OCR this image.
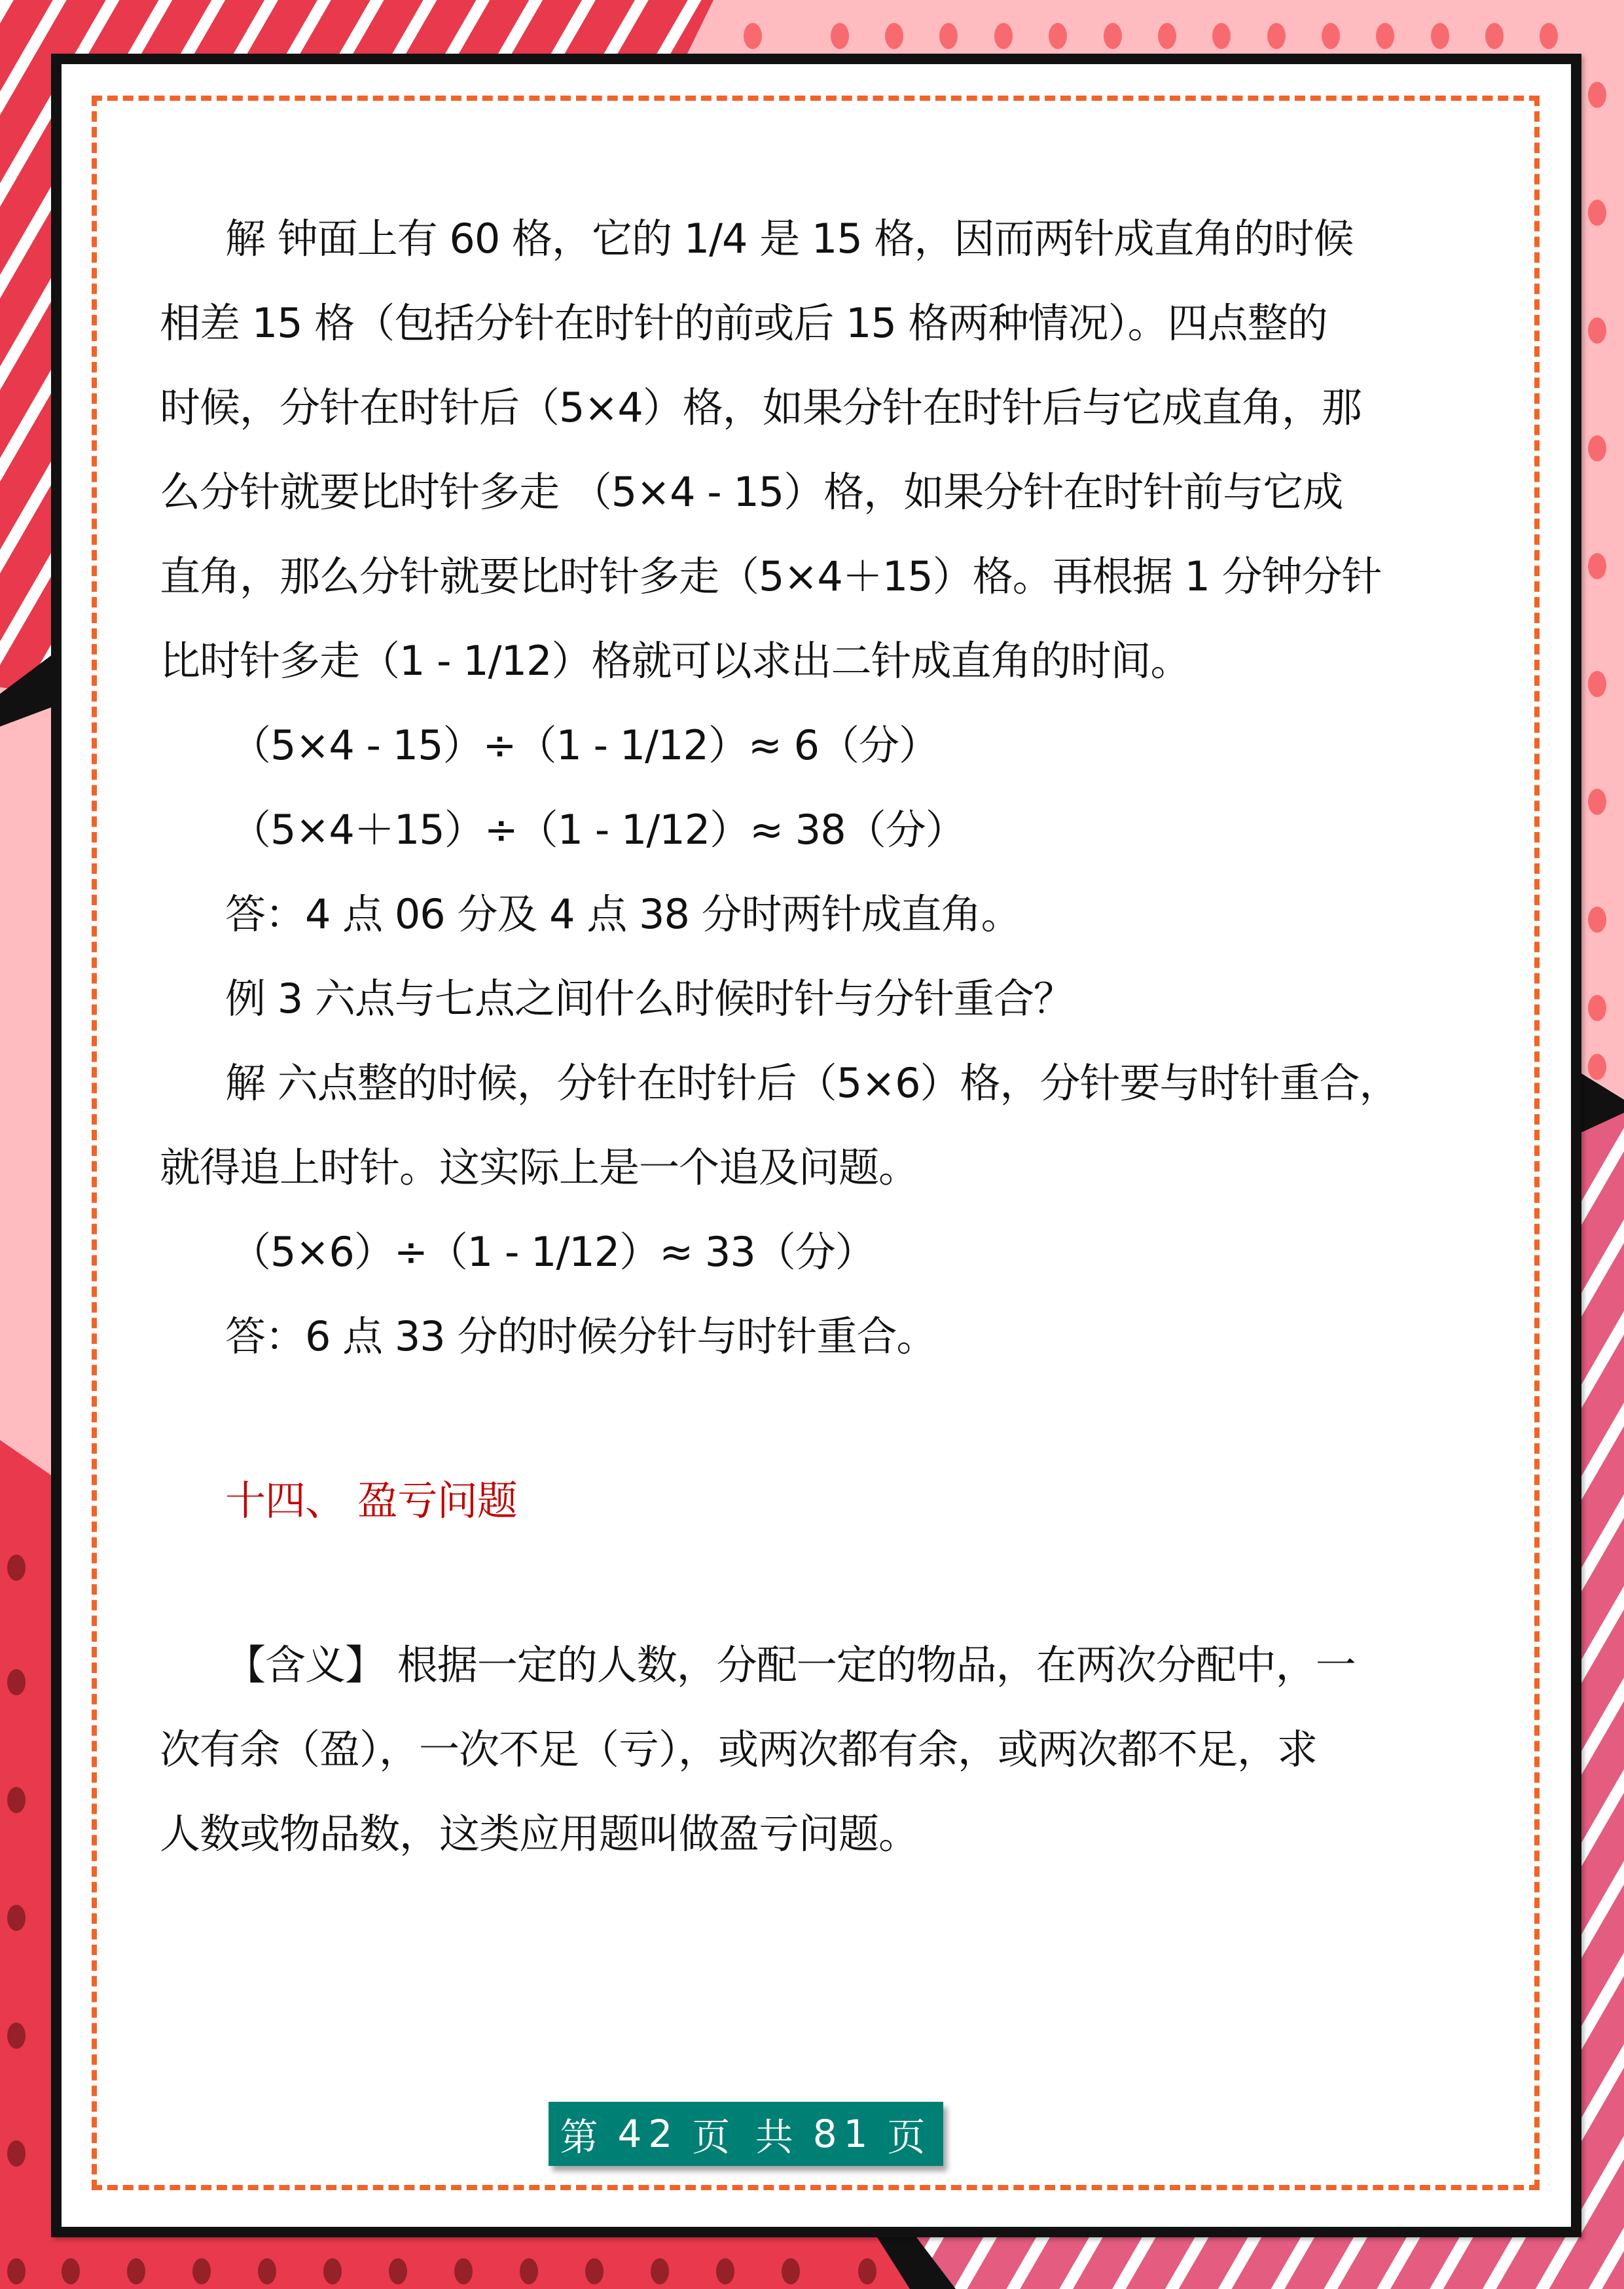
解 钟面上有 60 格，它的 1/4 是 15 格，因而两针成直角的时候

相差 15 格（包括分针在时针的前或后 15 格两种情况）。四点整的

时候，分针在时针后（5×4）格，如果分针在时针后与它成直角，那

么分针就要比时针多走 （5×4 - 15）格，如果分针在时针前与它成

直角，那么分针就要比时针多走（5×4＋15）格。再根据 1 分钟分针

比时针多走（1 - 1/12）格就可以求出二针成直角的时间。

（5×4 - 15）÷（1 - 1/12）≈ 6（分）

（5×4＋15）÷（1 - 1/12）≈ 38（分）

答：4 点 06 分及 4 点 38 分时两针成直角。

例 3 六点与七点之间什么时候时针与分针重合？

解 六点整的时候，分针在时针后（5×6）格，分针要与时针重合，

就得追上时针。这实际上是一个追及问题。

（5×6）÷（1 - 1/12）≈ 33（分）

答：6 点 33 分的时候分针与时针重合。

十四、 盈亏问题

【含义】 根据一定的人数，分配一定的物品，在两次分配中，一

次有余（盈），一次不足（亏），或两次都有余，或两次都不足，求

人数或物品数，这类应用题叫做盈亏问题。

第 42 页 共 81 页
